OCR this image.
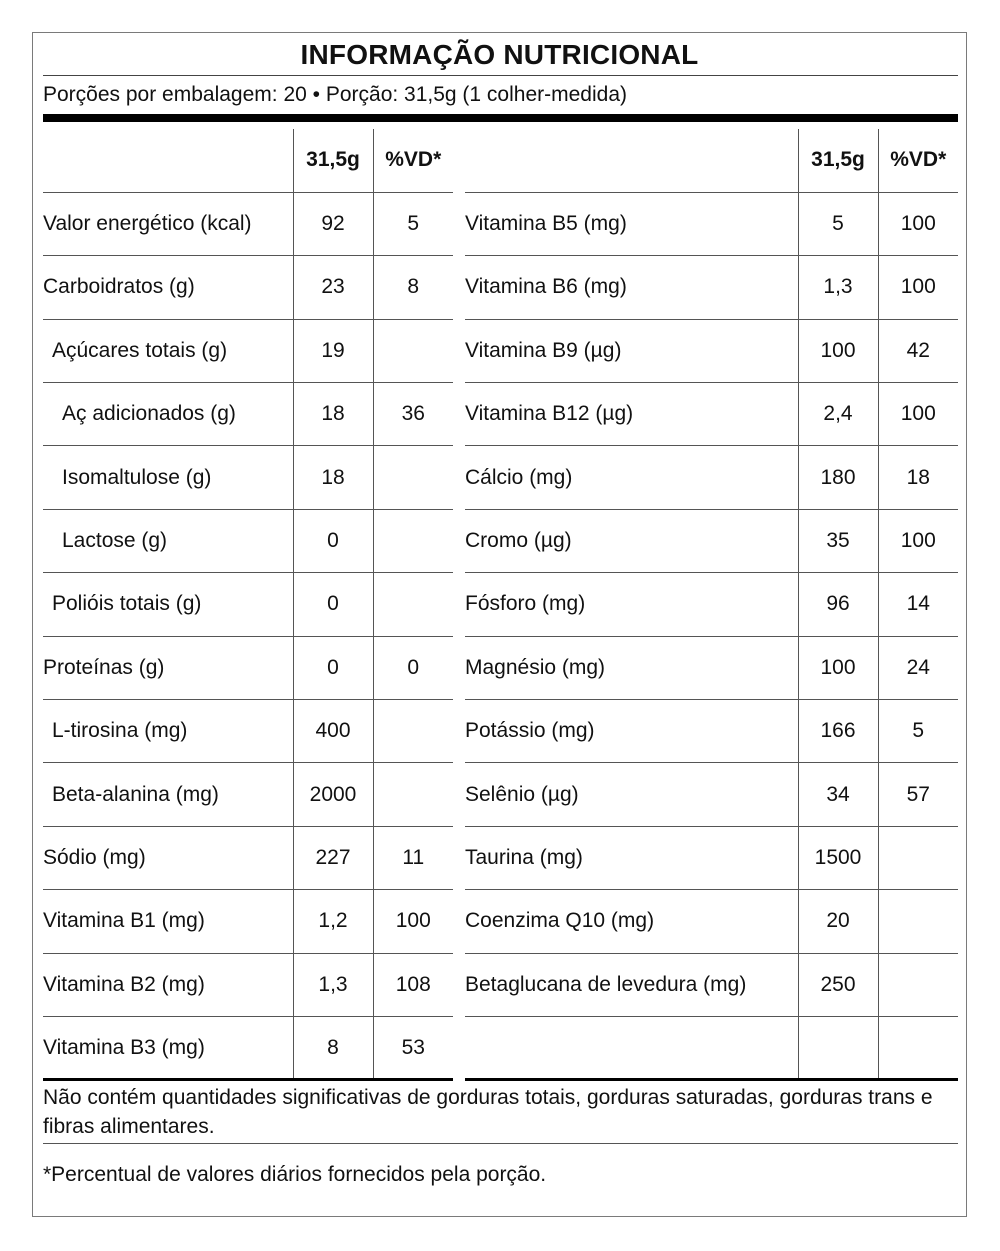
INFORMAÇÃO NUTRICIONAL
Porções por embalagem: 20 • Porção: 31,5g (1 colher-medida)
	31,5g	%VD*
Valor energético (kcal)	92	5
Carboidratos (g)	23	8
Açúcares totais (g)	19	
Aç adicionados (g)	18	36
Isomaltulose (g)	18	
Lactose (g)	0	
Polióis totais (g)	0	
Proteínas (g)	0	0
L-tirosina (mg)	400	
Beta-alanina (mg)	2000	
Sódio (mg)	227	11
Vitamina B1 (mg)	1,2	100
Vitamina B2 (mg)	1,3	108
Vitamina B3 (mg)	8	53
	31,5g	%VD*
Vitamina B5 (mg)	5	100
Vitamina B6 (mg)	1,3	100
Vitamina B9 (µg)	100	42
Vitamina B12 (µg)	2,4	100
Cálcio (mg)	180	18
Cromo (µg)	35	100
Fósforo (mg)	96	14
Magnésio (mg)	100	24
Potássio (mg)	166	5
Selênio (µg)	34	57
Taurina (mg)	1500	
Coenzima Q10 (mg)	20	
Betaglucana de levedura (mg)	250	

Não contém quantidades significativas de gorduras totais, gorduras saturadas, gorduras trans e fibras alimentares.
*Percentual de valores diários fornecidos pela porção.
